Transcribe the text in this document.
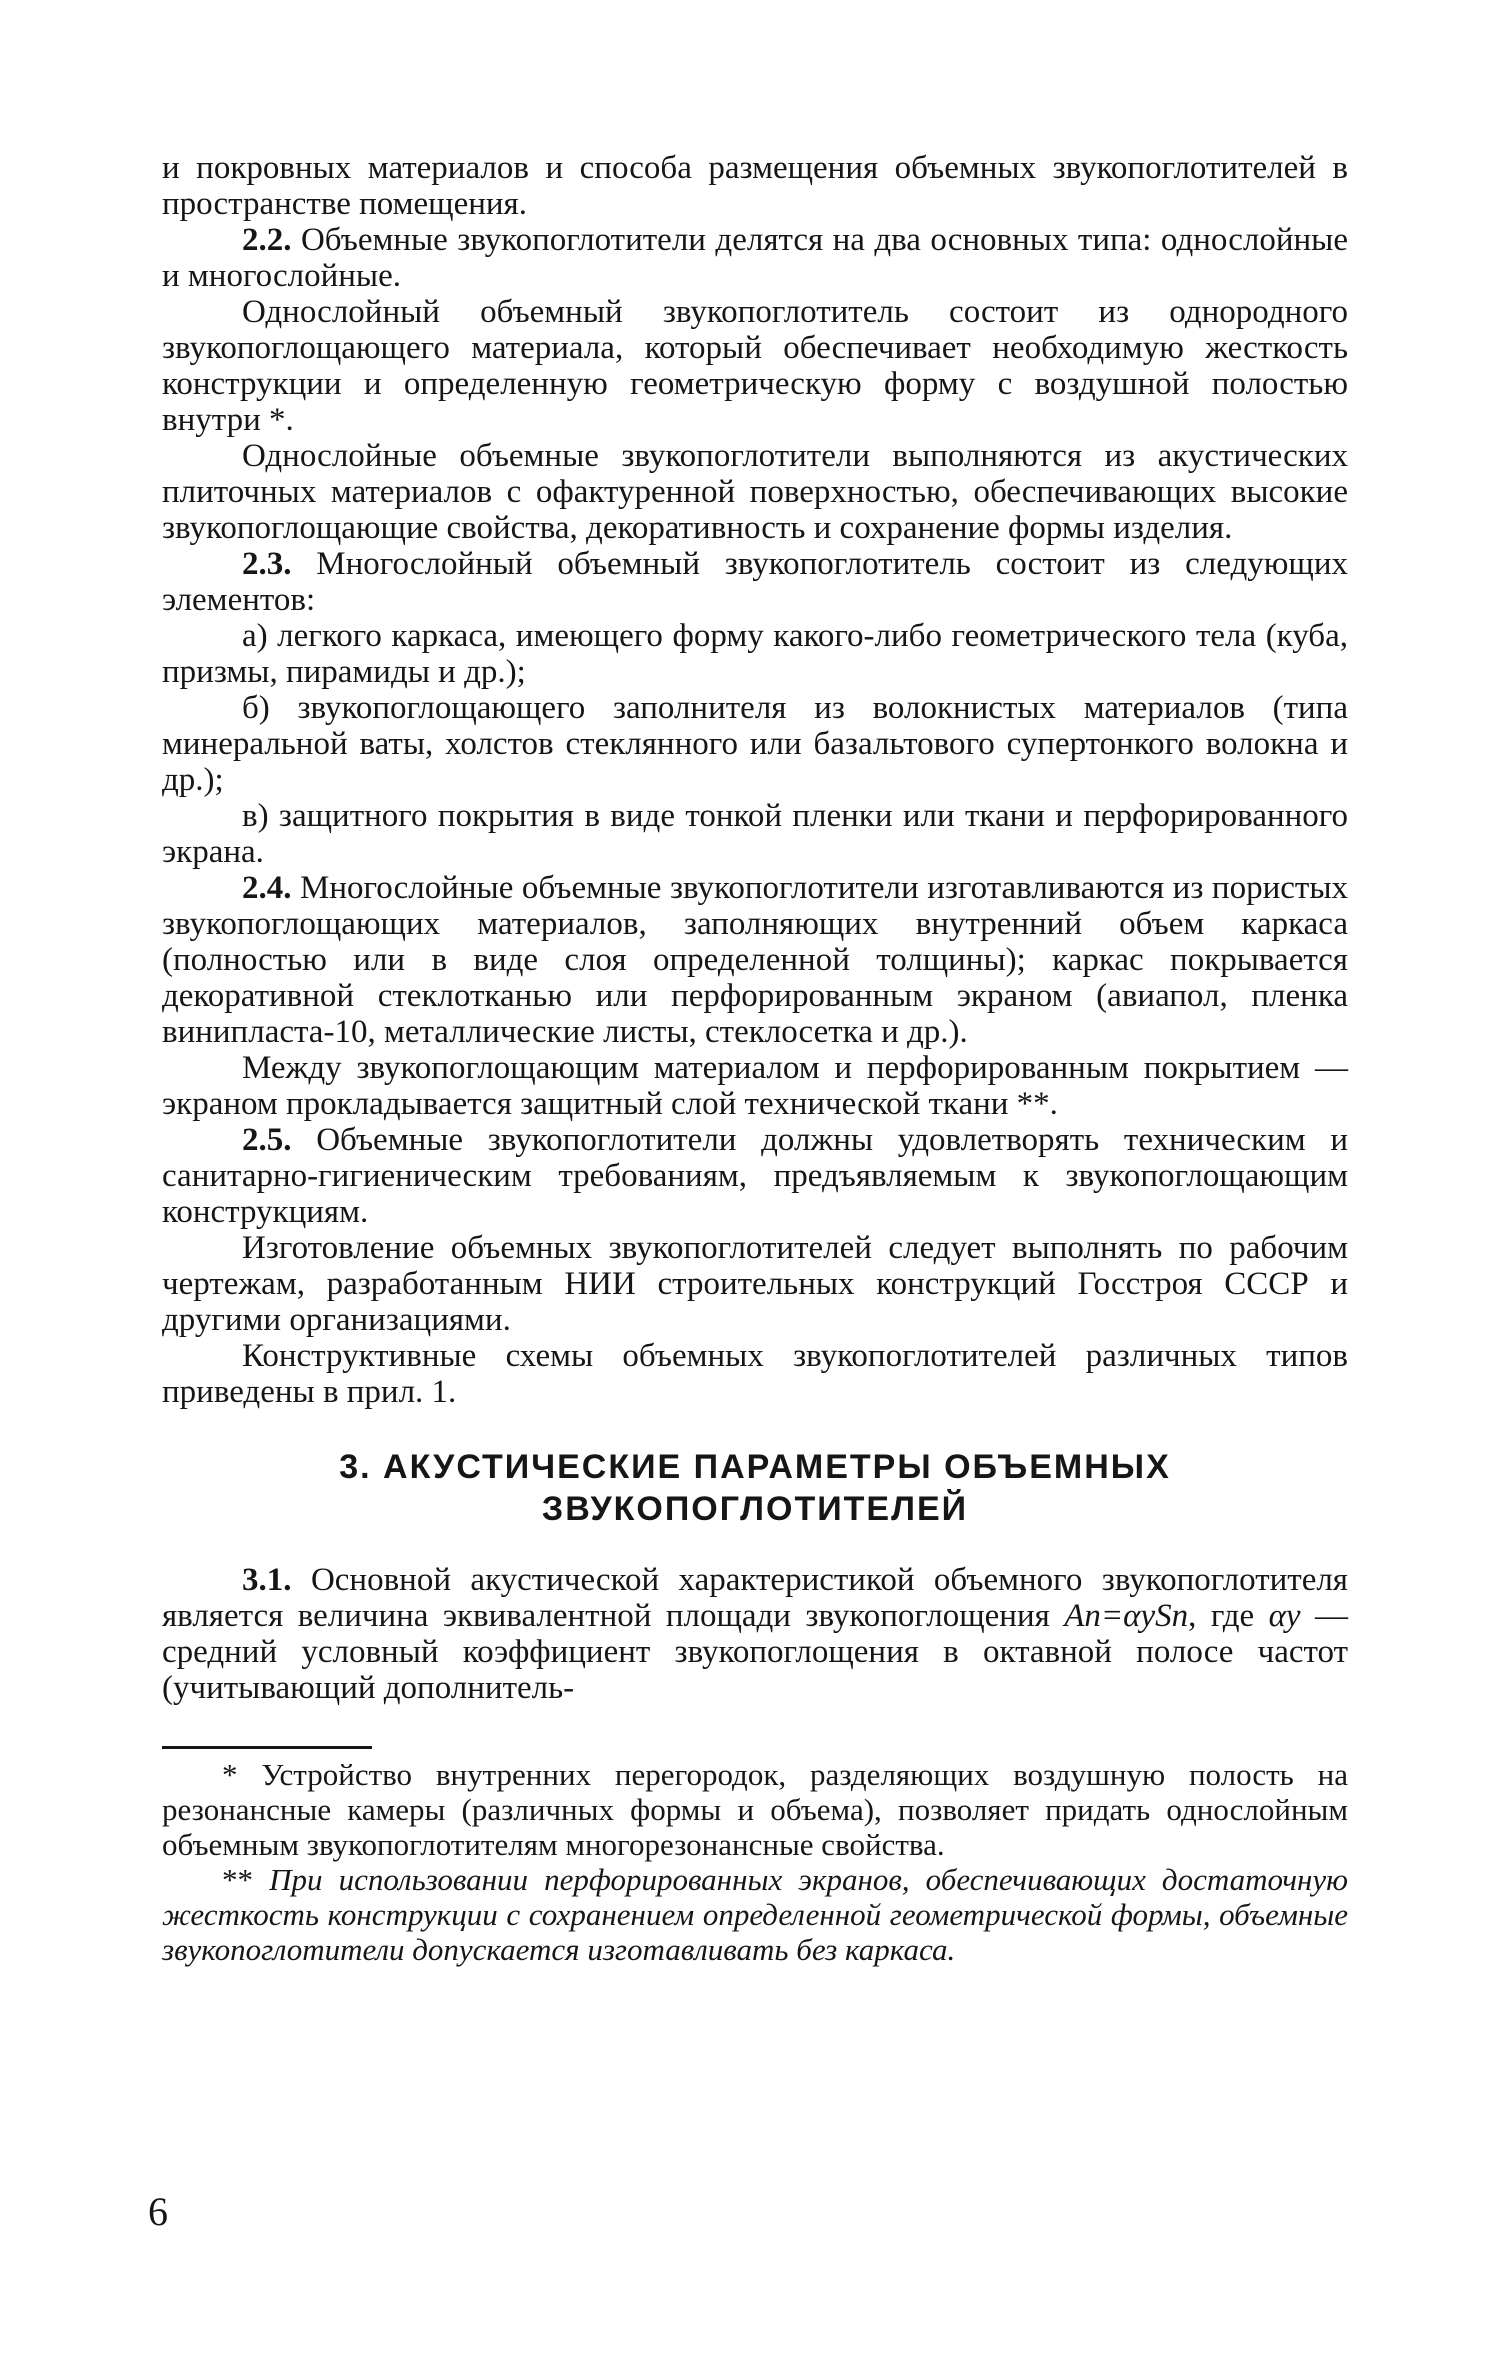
и покровных материалов и способа размещения объемных звукопоглотителей в пространстве помещения.

2.2. Объемные звукопоглотители делятся на два основных типа: однослойные и многослойные.

Однослойный объемный звукопоглотитель состоит из однородного звукопоглощающего материала, который обеспечивает необходимую жесткость конструкции и определенную геометрическую форму с воздушной полостью внутри *.

Однослойные объемные звукопоглотители выполняются из акустических плиточных материалов с офактуренной поверхностью, обеспечивающих высокие звукопоглощающие свойства, декоративность и сохранение формы изделия.

2.3. Многослойный объемный звукопоглотитель состоит из следующих элементов:

а) легкого каркаса, имеющего форму какого-либо геометрического тела (куба, призмы, пирамиды и др.);

б) звукопоглощающего заполнителя из волокнистых материалов (типа минеральной ваты, холстов стеклянного или базальтового супертонкого волокна и др.);

в) защитного покрытия в виде тонкой пленки или ткани и перфорированного экрана.

2.4. Многослойные объемные звукопоглотители изготавливаются из пористых звукопоглощающих материалов, заполняющих внутренний объем каркаса (полностью или в виде слоя определенной толщины); каркас покрывается декоративной стеклотканью или перфорированным экраном (авиапол, пленка винипласта-10, металлические листы, стеклосетка и др.).

Между звукопоглощающим материалом и перфорированным покрытием — экраном прокладывается защитный слой технической ткани **.

2.5. Объемные звукопоглотители должны удовлетворять техническим и санитарно-гигиеническим требованиям, предъявляемым к звукопоглощающим конструкциям.

Изготовление объемных звукопоглотителей следует выполнять по рабочим чертежам, разработанным НИИ строительных конструкций Госстроя СССР и другими организациями.

Конструктивные схемы объемных звукопоглотителей различных типов приведены в прил. 1.

3. АКУСТИЧЕСКИЕ ПАРАМЕТРЫ ОБЪЕМНЫХ
ЗВУКОПОГЛОТИТЕЛЕЙ

3.1. Основной акустической характеристикой объемного звукопоглотителя является величина эквивалентной площади звукопоглощения An=αySn, где αy — средний условный коэффициент звукопоглощения в октавной полосе частот (учитывающий дополнитель-

* Устройство внутренних перегородок, разделяющих воздушную полость на резонансные камеры (различных формы и объема), позволяет придать однослойным объемным звукопоглотителям многорезонансные свойства.

** При использовании перфорированных экранов, обеспечивающих достаточную жесткость конструкции с сохранением определенной геометрической формы, объемные звукопоглотители допускается изготавливать без каркаса.

6
